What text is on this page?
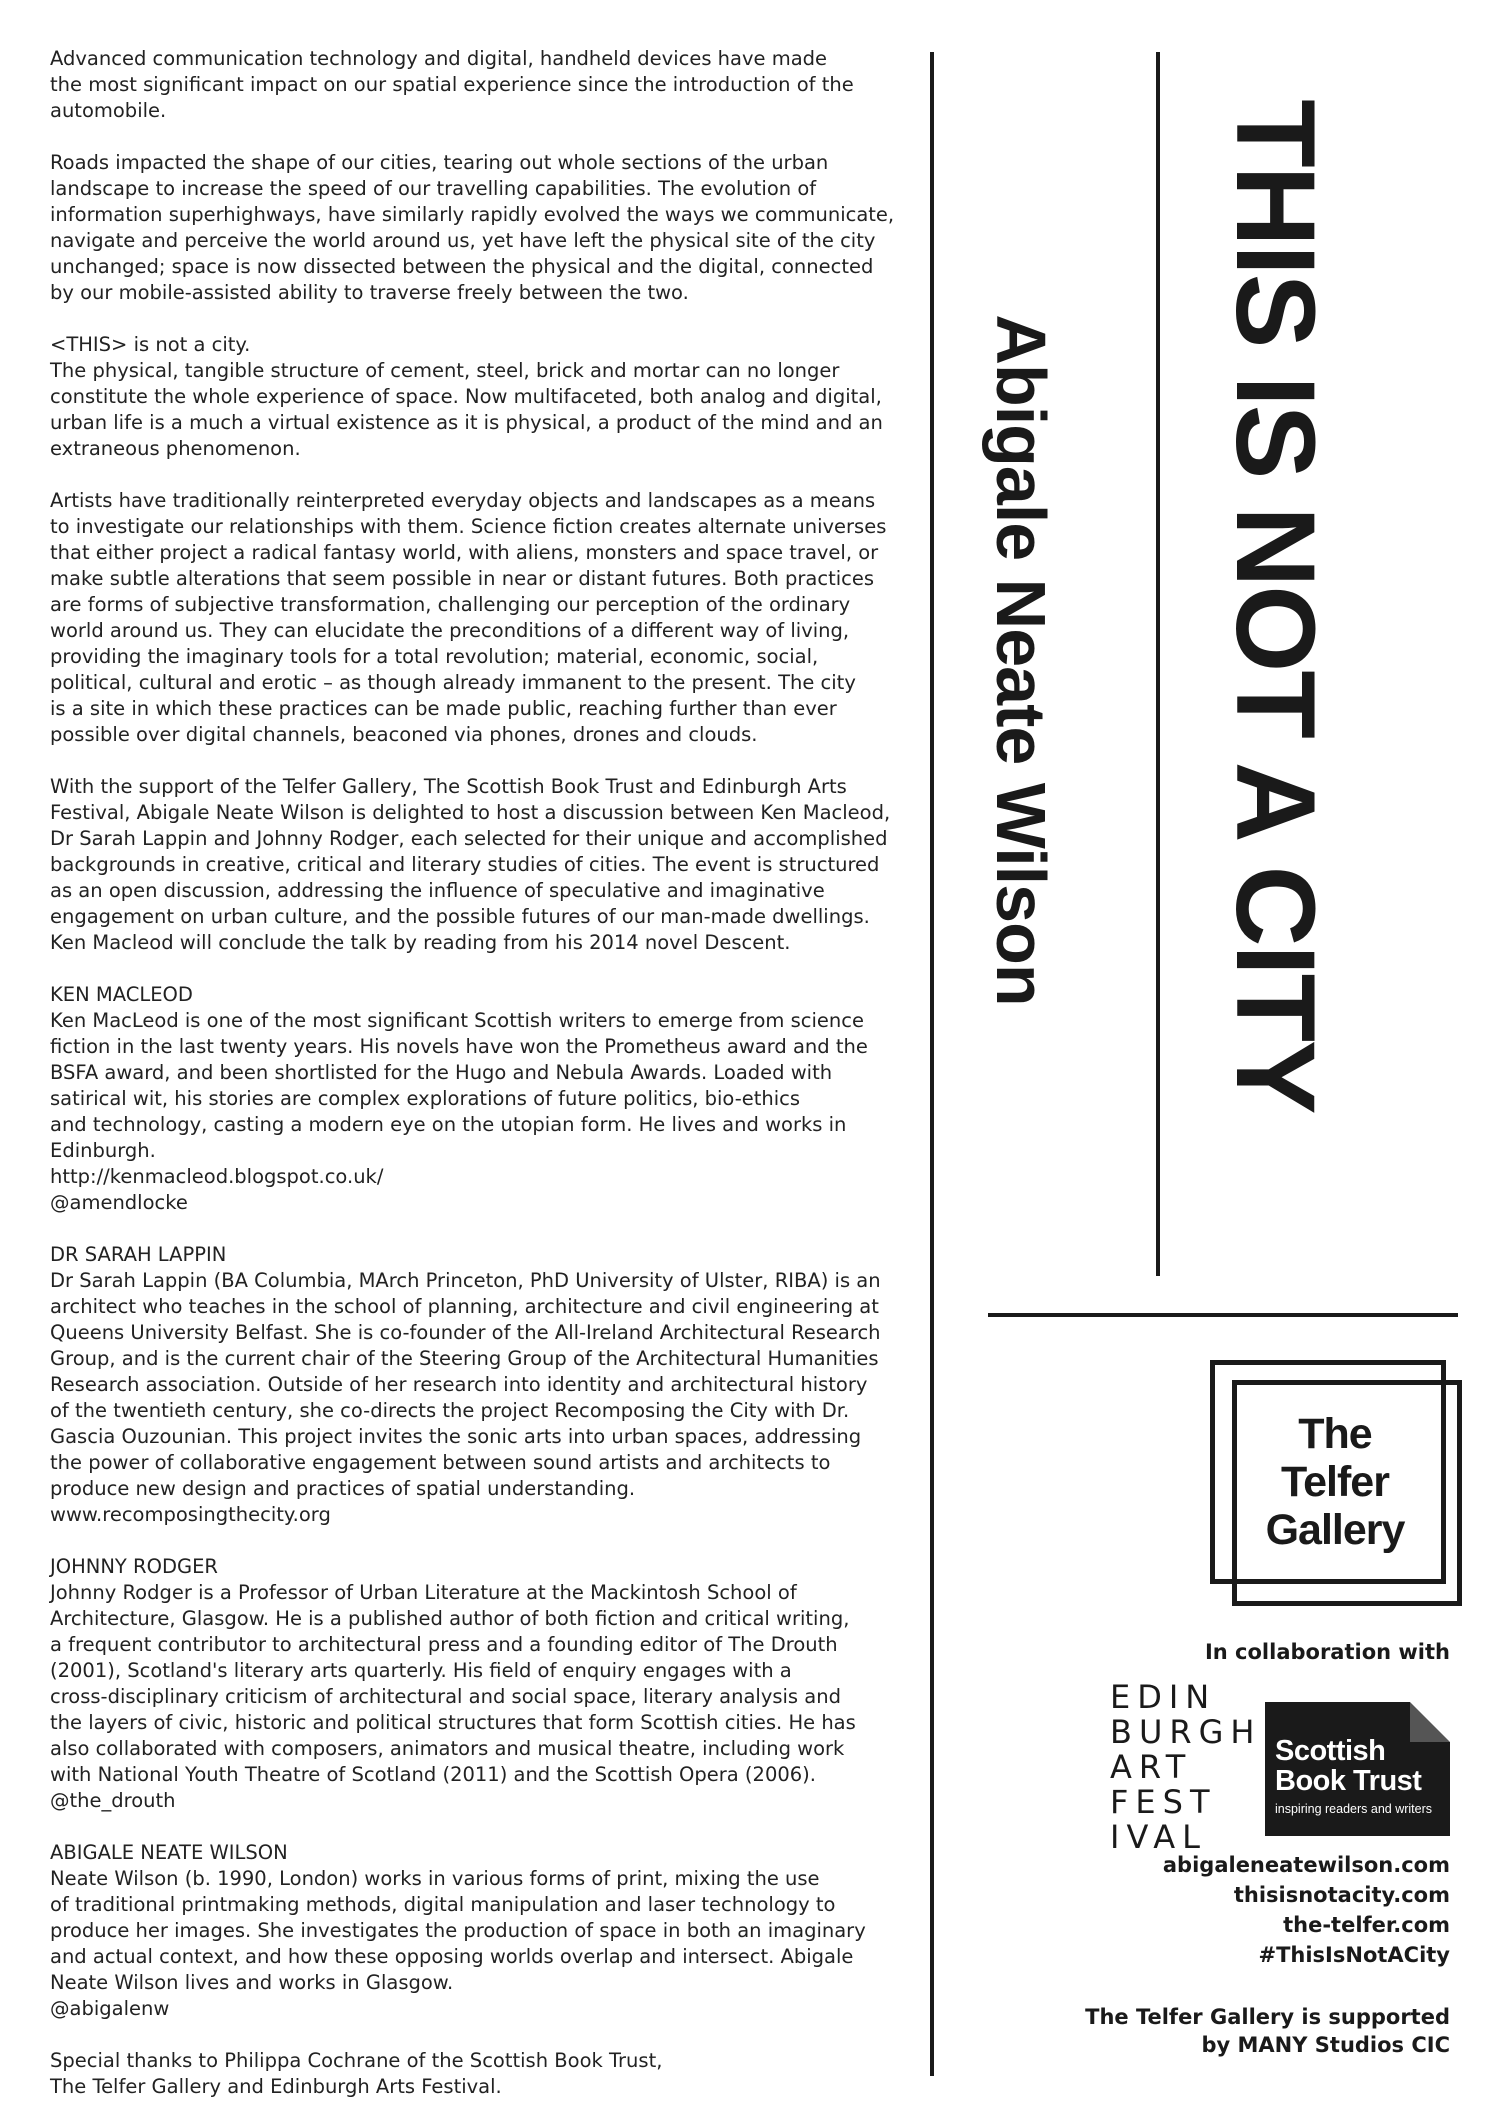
Advanced communication technology and digital, handheld devices have made
the most significant impact on our spatial experience since the introduction of the
automobile.

Roads impacted the shape of our cities, tearing out whole sections of the urban
landscape to increase the speed of our travelling capabilities. The evolution of
information superhighways, have similarly rapidly evolved the ways we communicate,
navigate and perceive the world around us, yet have left the physical site of the city
unchanged; space is now dissected between the physical and the digital, connected
by our mobile-assisted ability to traverse freely between the two.

<THIS> is not a city.
The physical, tangible structure of cement, steel, brick and mortar can no longer
constitute the whole experience of space. Now multifaceted, both analog and digital,
urban life is a much a virtual existence as it is physical, a product of the mind and an
extraneous phenomenon.

Artists have traditionally reinterpreted everyday objects and landscapes as a means
to investigate our relationships with them. Science fiction creates alternate universes
that either project a radical fantasy world, with aliens, monsters and space travel, or
make subtle alterations that seem possible in near or distant futures. Both practices
are forms of subjective transformation, challenging our perception of the ordinary
world around us. They can elucidate the preconditions of a different way of living,
providing the imaginary tools for a total revolution; material, economic, social,
political, cultural and erotic – as though already immanent to the present. The city
is a site in which these practices can be made public, reaching further than ever
possible over digital channels, beaconed via phones, drones and clouds.

With the support of the Telfer Gallery, The Scottish Book Trust and Edinburgh Arts
Festival, Abigale Neate Wilson is delighted to host a discussion between Ken Macleod,
Dr Sarah Lappin and Johnny Rodger, each selected for their unique and accomplished
backgrounds in creative, critical and literary studies of cities. The event is structured
as an open discussion, addressing the influence of speculative and imaginative
engagement on urban culture, and the possible futures of our man-made dwellings.
Ken Macleod will conclude the talk by reading from his 2014 novel Descent.

KEN MACLEOD

Ken MacLeod is one of the most significant Scottish writers to emerge from science
fiction in the last twenty years. His novels have won the Prometheus award and the
BSFA award, and been shortlisted for the Hugo and Nebula Awards. Loaded with
satirical wit, his stories are complex explorations of future politics, bio-ethics
and technology, casting a modern eye on the utopian form. He lives and works in
Edinburgh.

http://kenmacleod.blogspot.co.uk/

@amendlocke

DR SARAH LAPPIN

Dr Sarah Lappin (BA Columbia, MArch Princeton, PhD University of Ulster, RIBA) is an
architect who teaches in the school of planning, architecture and civil engineering at
Queens University Belfast. She is co-founder of the All-Ireland Architectural Research
Group, and is the current chair of the Steering Group of the Architectural Humanities
Research association. Outside of her research into identity and architectural history
of the twentieth century, she co-directs the project Recomposing the City with Dr.
Gascia Ouzounian. This project invites the sonic arts into urban spaces, addressing
the power of collaborative engagement between sound artists and architects to
produce new design and practices of spatial understanding.

www.recomposingthecity.org

JOHNNY RODGER

Johnny Rodger is a Professor of Urban Literature at the Mackintosh School of
Architecture, Glasgow. He is a published author of both fiction and critical writing,
a frequent contributor to architectural press and a founding editor of The Drouth
(2001), Scotland's literary arts quarterly. His field of enquiry engages with a
cross-disciplinary criticism of architectural and social space, literary analysis and
the layers of civic, historic and political structures that form Scottish cities. He has
also collaborated with composers, animators and musical theatre, including work
with National Youth Theatre of Scotland (2011) and the Scottish Opera (2006).

@the_drouth

ABIGALE NEATE WILSON

Neate Wilson (b. 1990, London) works in various forms of print, mixing the use
of traditional printmaking methods, digital manipulation and laser technology to
produce her images. She investigates the production of space in both an imaginary
and actual context, and how these opposing worlds overlap and intersect. Abigale
Neate Wilson lives and works in Glasgow.

@abigalenw

Special thanks to Philippa Cochrane of the Scottish Book Trust,
The Telfer Gallery and Edinburgh Arts Festival.

THIS IS NOT A CITY
Abigale Neate Wilson
The
Telfer
Gallery
In collaboration with
EDIN
BURGH
ART
FEST
IVAL
Scottish
Book Trust
inspiring readers and writers
abigaleneatewilson.com
thisisnotacity.com
the-telfer.com
#ThisIsNotACity
The Telfer Gallery is supported
by MANY Studios CIC
